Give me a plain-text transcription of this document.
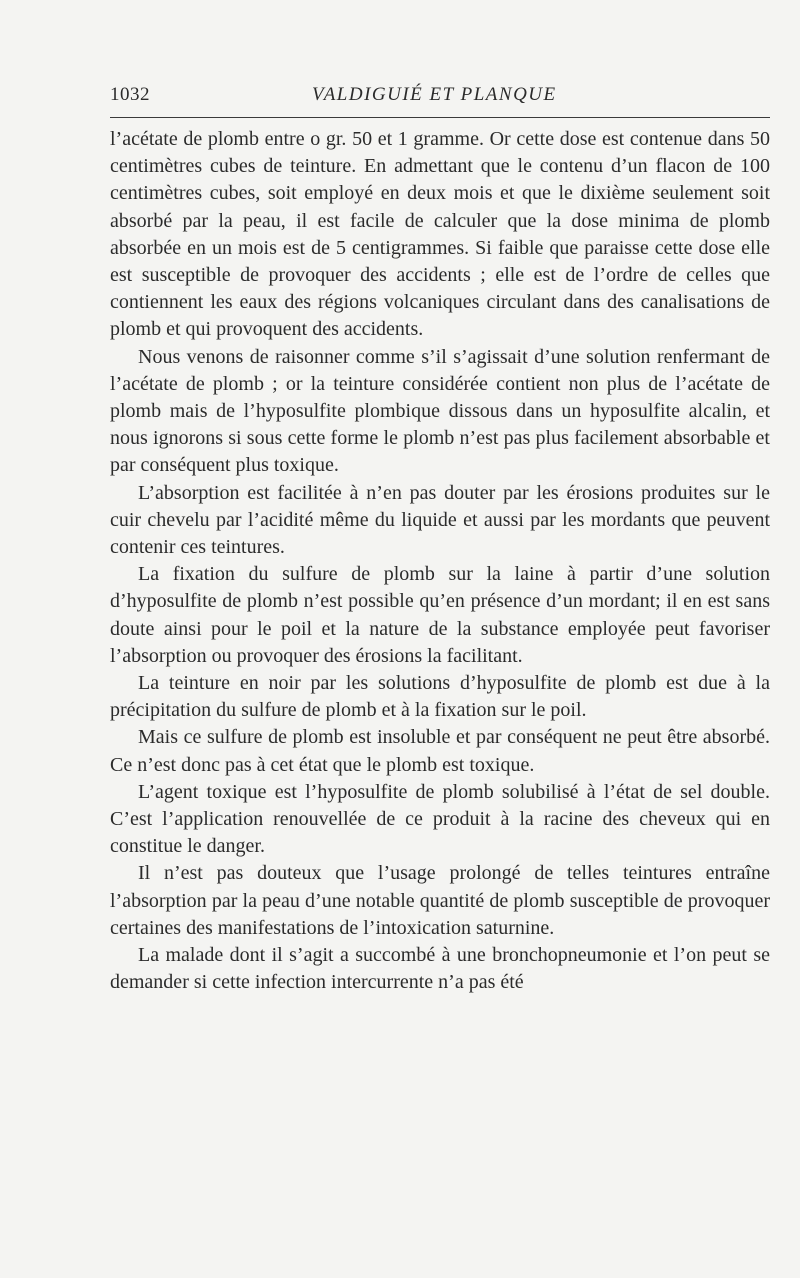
1032	VALDIGUIÉ ET PLANQUE

l’acétate de plomb entre o gr. 50 et 1 gramme. Or cette dose est contenue dans 50 centimètres cubes de teinture. En admettant que le contenu d’un flacon de 100 centimètres cubes, soit employé en deux mois et que le dixième seulement soit absorbé par la peau, il est facile de calculer que la dose minima de plomb absorbée en un mois est de 5 centigrammes. Si faible que paraisse cette dose elle est susceptible de provoquer des accidents ; elle est de l’ordre de celles que contiennent les eaux des régions volcaniques circulant dans des canalisations de plomb et qui provoquent des accidents.

Nous venons de raisonner comme s’il s’agissait d’une solution renfermant de l’acétate de plomb ; or la teinture considérée contient non plus de l’acétate de plomb mais de l’hyposulfite plombique dissous dans un hyposulfite alcalin, et nous ignorons si sous cette forme le plomb n’est pas plus facilement absorbable et par conséquent plus toxique.

L’absorption est facilitée à n’en pas douter par les érosions produites sur le cuir chevelu par l’acidité même du liquide et aussi par les mordants que peuvent contenir ces teintures.

La fixation du sulfure de plomb sur la laine à partir d’une solution d’hyposulfite de plomb n’est possible qu’en présence d’un mordant; il en est sans doute ainsi pour le poil et la nature de la substance employée peut favoriser l’absorption ou provoquer des érosions la facilitant.

La teinture en noir par les solutions d’hyposulfite de plomb est due à la précipitation du sulfure de plomb et à la fixation sur le poil.

Mais ce sulfure de plomb est insoluble et par conséquent ne peut être absorbé. Ce n’est donc pas à cet état que le plomb est toxique.

L’agent toxique est l’hyposulfite de plomb solubilisé à l’état de sel double. C’est l’application renouvellée de ce produit à la racine des cheveux qui en constitue le danger.

Il n’est pas douteux que l’usage prolongé de telles teintures entraîne l’absorption par la peau d’une notable quantité de plomb susceptible de provoquer certaines des manifestations de l’intoxication saturnine.

La malade dont il s’agit a succombé à une bronchopneumonie et l’on peut se demander si cette infection intercurrente n’a pas été
